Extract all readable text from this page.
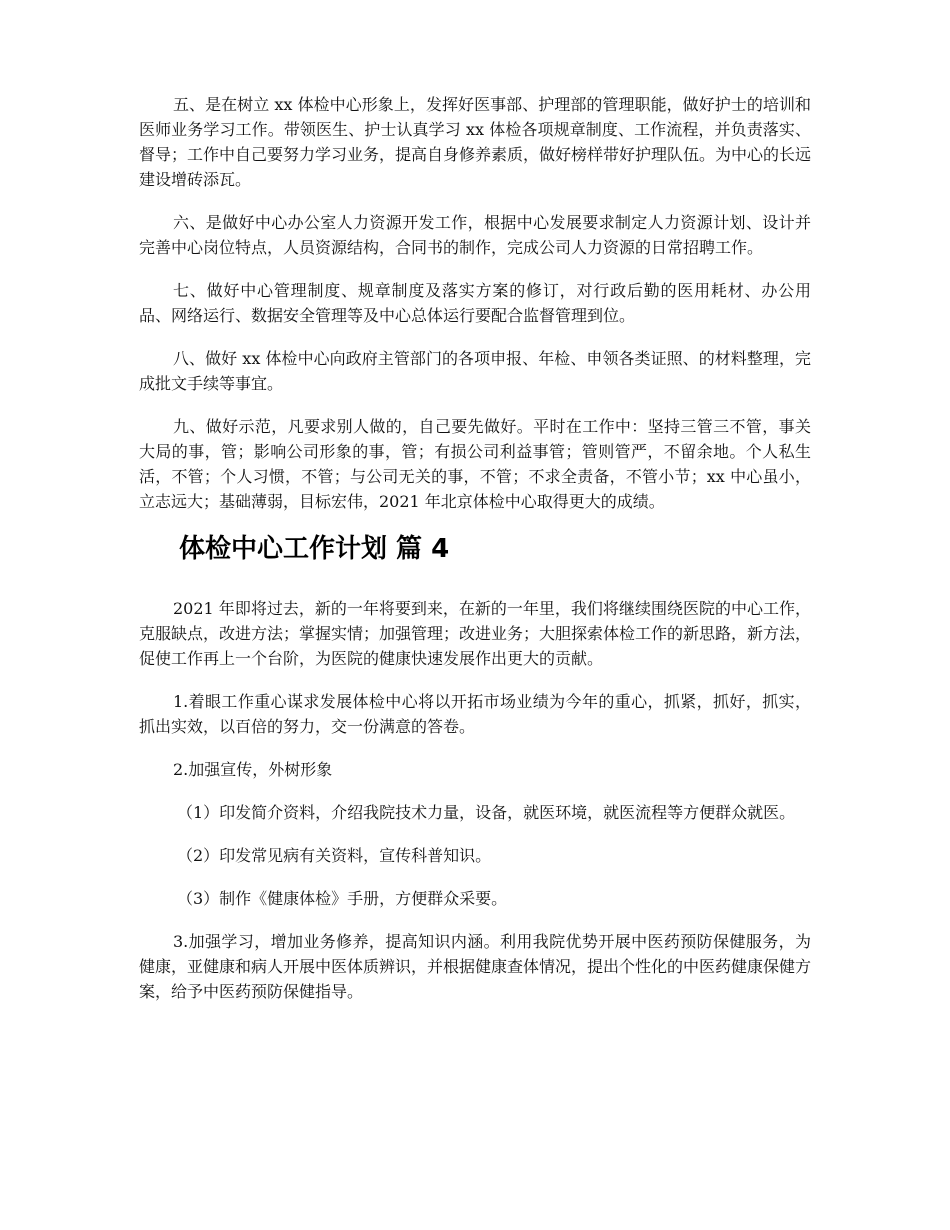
五、是在树立 xx 体检中心形象上，发挥好医事部、护理部的管理职能，做好护士的培训和医师业务学习工作。带领医生、护士认真学习 xx 体检各项规章制度、工作流程，并负责落实、督导；工作中自己要努力学习业务，提高自身修养素质，做好榜样带好护理队伍。为中心的长远建设增砖添瓦。

六、是做好中心办公室人力资源开发工作，根据中心发展要求制定人力资源计划、设计并完善中心岗位特点，人员资源结构，合同书的制作，完成公司人力资源的日常招聘工作。

七、做好中心管理制度、规章制度及落实方案的修订，对行政后勤的医用耗材、办公用品、网络运行、数据安全管理等及中心总体运行要配合监督管理到位。

八、做好 xx 体检中心向政府主管部门的各项申报、年检、申领各类证照、的材料整理，完成批文手续等事宜。

九、做好示范，凡要求别人做的，自己要先做好。平时在工作中：坚持三管三不管，事关大局的事，管；影响公司形象的事，管；有损公司利益事管；管则管严，不留余地。个人私生活，不管；个人习惯，不管；与公司无关的事，不管；不求全责备，不管小节；xx 中心虽小，立志远大；基础薄弱，目标宏伟，2021 年北京体检中心取得更大的成绩。

体检中心工作计划 篇 4

2021 年即将过去，新的一年将要到来，在新的一年里，我们将继续围绕医院的中心工作，克服缺点，改进方法；掌握实情；加强管理；改进业务；大胆探索体检工作的新思路，新方法，促使工作再上一个台阶，为医院的健康快速发展作出更大的贡献。

1.着眼工作重心谋求发展体检中心将以开拓市场业绩为今年的重心，抓紧，抓好，抓实，抓出实效，以百倍的努力，交一份满意的答卷。

2.加强宣传，外树形象

（1）印发简介资料，介绍我院技术力量，设备，就医环境，就医流程等方便群众就医。

（2）印发常见病有关资料，宣传科普知识。

（3）制作《健康体检》手册，方便群众采要。

3.加强学习，增加业务修养，提高知识内涵。利用我院优势开展中医药预防保健服务，为健康，亚健康和病人开展中医体质辨识，并根据健康查体情况，提出个性化的中医药健康保健方案，给予中医药预防保健指导。
